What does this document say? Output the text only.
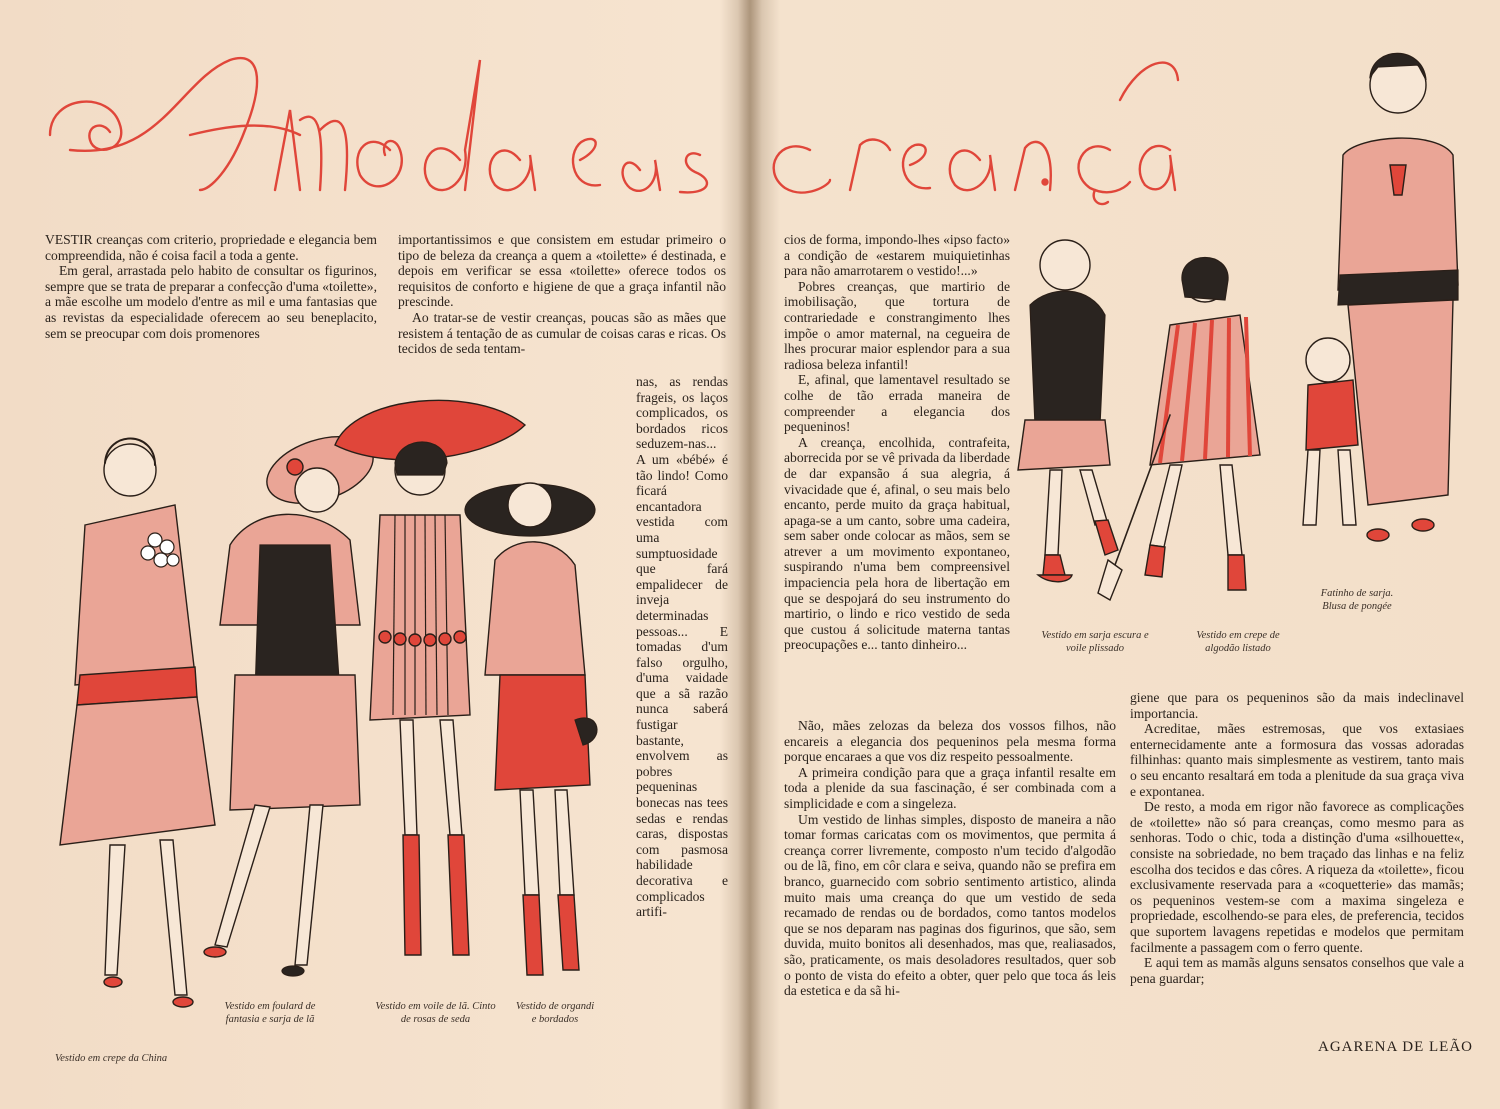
VESTIR creanças com criterio, propriedade e elegancia bem compreendida, não é coisa facil a toda a gente.

Em geral, arrastada pelo habito de consultar os figurinos, sempre que se trata de preparar a confecção d'uma «toilette», a mãe escolhe um modelo d'entre as mil e uma fantasias que as revistas da especialidade oferecem ao seu beneplacito, sem se preocupar com dois promenores

importantissimos e que consistem em estudar primeiro o tipo de beleza da creança a quem a «toilette» é destinada, e depois em verificar se essa «toilette» oferece todos os requisitos de conforto e higiene de que a graça infantil não prescinde.

Ao tratar-se de vestir creanças, poucas são as mães que resistem á tentação de as cumular de coisas caras e ricas. Os tecidos de seda tentam-

nas, as rendas frageis, os laços complicados, os bordados ricos seduzem-nas... A um «bébé» é tão lindo! Como ficará encantadora vestida com uma sumptuosidade que fará empalidecer de inveja determinadas pessoas... E tomadas d'um falso orgulho, d'uma vaidade que a sã razão nunca saberá fustigar bastante, envolvem as pobres pequeninas bonecas nas tees sedas e rendas caras, dispostas com pasmosa habilidade decorativa e complicados artifi-

cios de forma, impondo-lhes «ipso facto» a condição de «estarem muiquietinhas para não amarrotarem o vestido!...»

Pobres creanças, que martirio de imobilisação, que tortura de contrariedade e constrangimento lhes impõe o amor maternal, na cegueira de lhes procurar maior esplendor para a sua radiosa beleza infantil!

E, afinal, que lamentavel resultado se colhe de tão errada maneira de compreender a elegancia dos pequeninos!

A creança, encolhida, contrafeita, aborrecida por se vê privada da liberdade de dar expansão á sua alegria, á vivacidade que é, afinal, o seu mais belo encanto, perde muito da graça habitual, apaga-se a um canto, sobre uma cadeira, sem saber onde colocar as mãos, sem se atrever a um movimento expontaneo, suspirando n'uma bem compreensivel impaciencia pela hora de libertação em que se despojará do seu instrumento do martirio, o lindo e rico vestido de seda que custou á solicitude materna tantas preocupações e... tanto dinheiro...

Não, mães zelozas da beleza dos vossos filhos, não encareis a elegancia dos pequeninos pela mesma forma porque encaraes a que vos diz respeito pessoalmente.

A primeira condição para que a graça infantil resalte em toda a plenide da sua fascinação, é ser combinada com a simplicidade e com a singeleza.

Um vestido de linhas simples, disposto de maneira a não tomar formas caricatas com os movimentos, que permita á creança correr livremente, composto n'um tecido d'algodão ou de lã, fino, em côr clara e seiva, quando não se prefira em branco, guarnecido com sobrio sentimento artistico, alinda muito mais uma creança do que um vestido de seda recamado de rendas ou de bordados, como tantos modelos que se nos deparam nas paginas dos figurinos, que são, sem duvida, muito bonitos ali desenhados, mas que, realiasados, são, praticamente, os mais desoladores resultados, quer sob o ponto de vista do efeito a obter, quer pelo que toca ás leis da estetica e da sã hi-

giene que para os pequeninos são da mais indeclinavel importancia.

Acreditae, mães estremosas, que vos extasiaes enternecidamente ante a formosura das vossas adoradas filhinhas: quanto mais simplesmente as vestirem, tanto mais o seu encanto resaltará em toda a plenitude da sua graça viva e expontanea.

De resto, a moda em rigor não favorece as complicações de «toilette» não só para creanças, como mesmo para as senhoras. Todo o chic, toda a distinção d'uma «silhouette«, consiste na sobriedade, no bem traçado das linhas e na feliz escolha dos tecidos e das côres. A riqueza da «toilette», ficou exclusivamente reservada para a «coquetterie» das mamãs; os pequeninos vestem-se com a maxima singeleza e propriedade, escolhendo-se para eles, de preferencia, tecidos que suportem lavagens repetidas e modelos que permitam facilmente a passagem com o ferro quente.

E aqui tem as mamãs alguns sensatos conselhos que vale a pena guardar;

Vestido em crepe da China
Vestido em foulard de fantasia e sarja de lã
Vestido em voile de lã. Cinto de rosas de seda
Vestido de organdi e bordados
Vestido em sarja escura e voile plissado
Vestido em crepe de algodão listado
Fatinho de sarja. Blusa de pongée
AGARENA DE LEÃO
